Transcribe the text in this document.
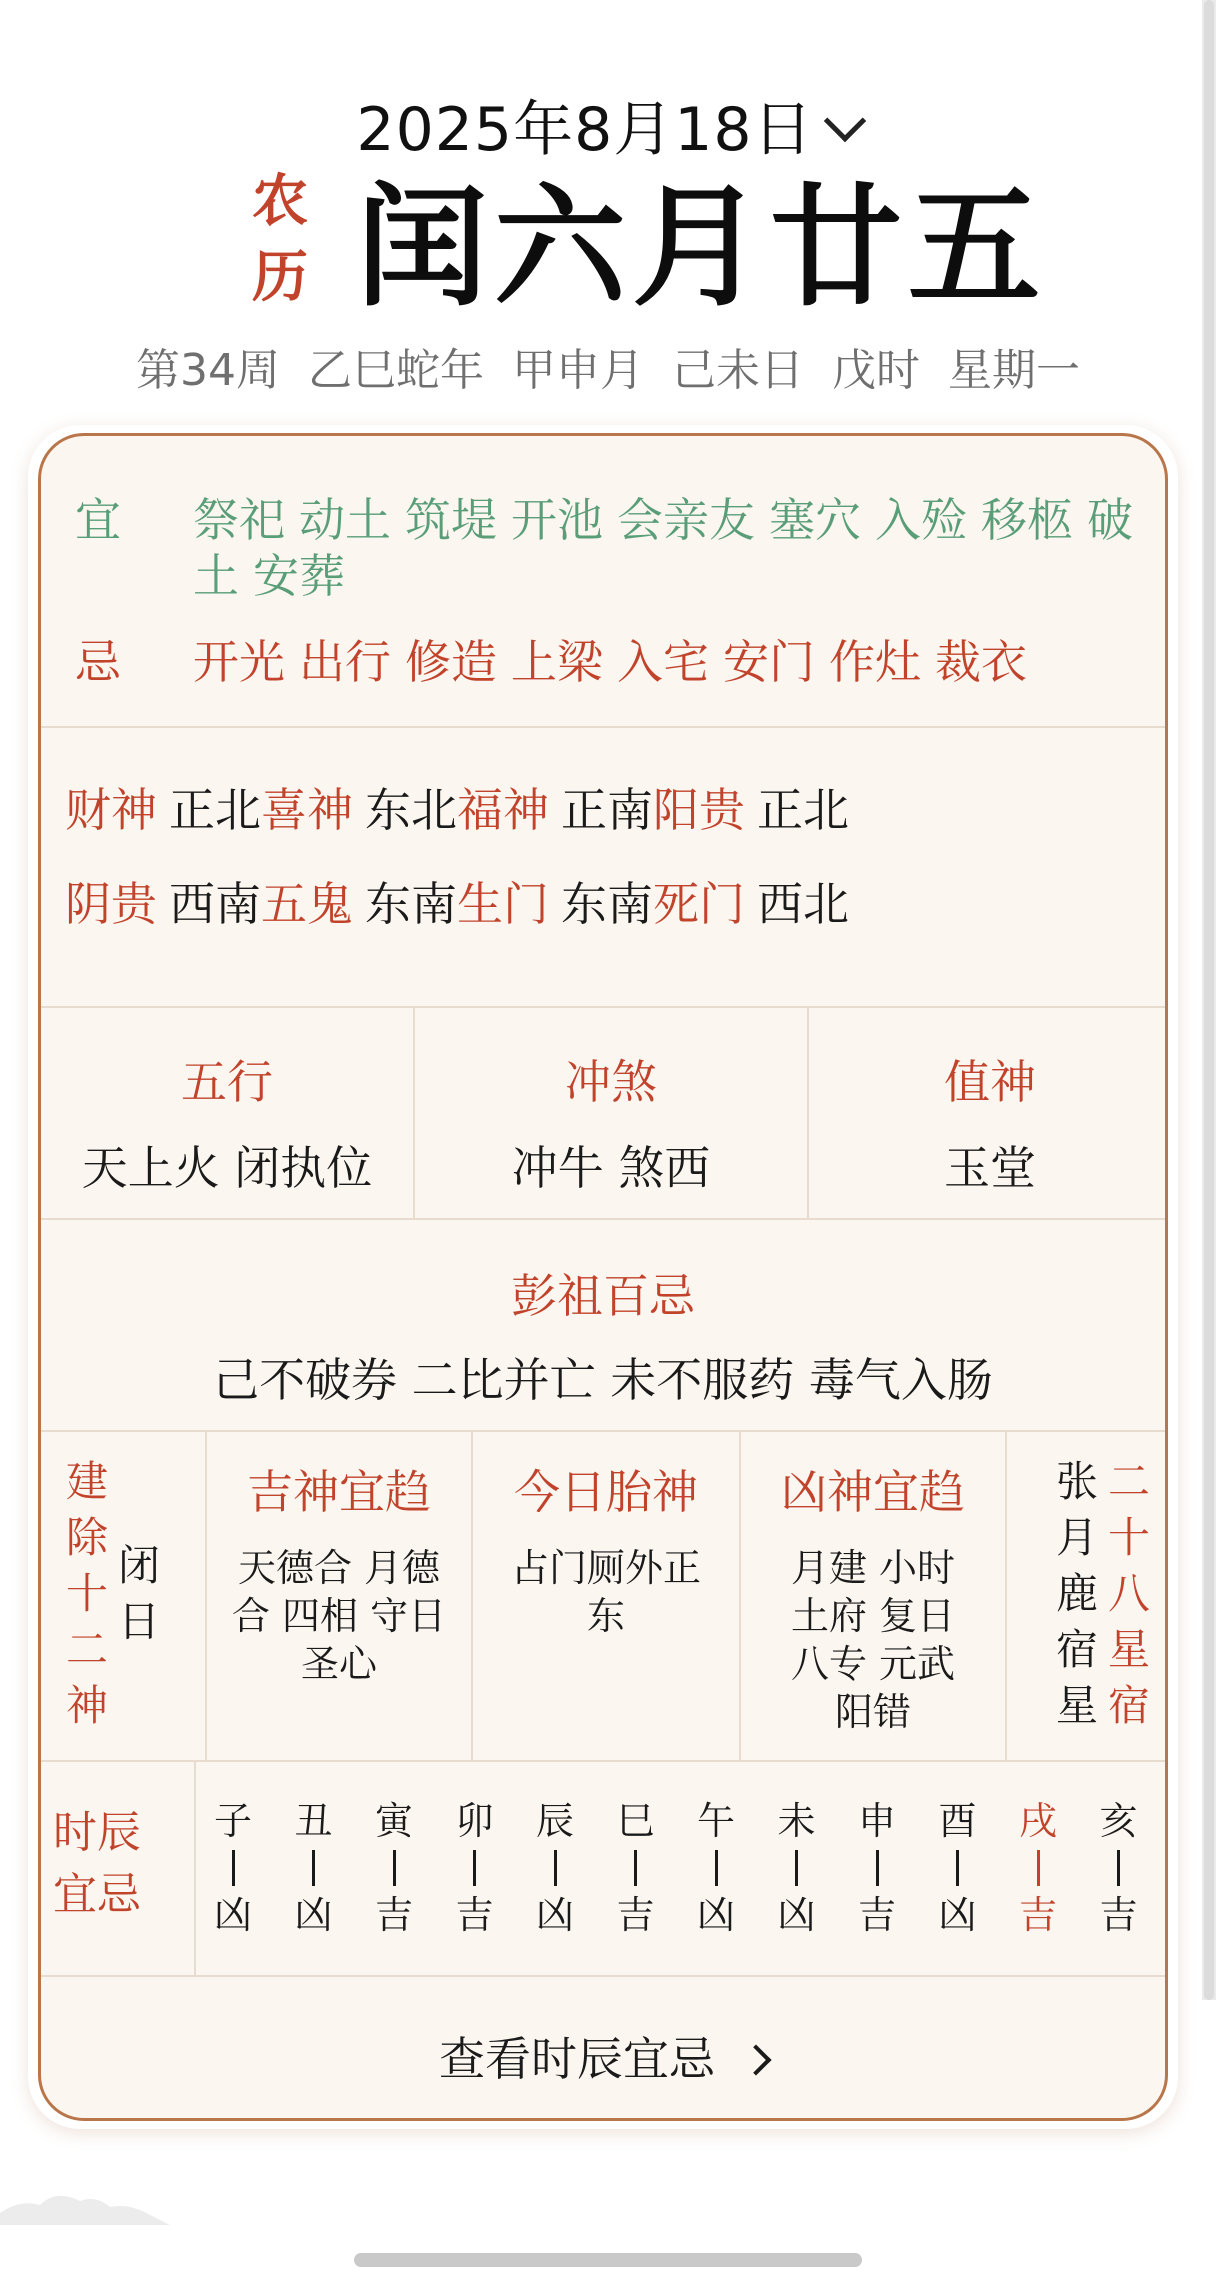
2025年8月18日
农
历 闰六月廿五
第34周 乙巳蛇年 甲申月 己未日 戊时 星期一
宜	祭祀 动土 筑堤 开池 会亲友 塞穴 入殓 移柩 破土 安葬
忌	开光 出行 修造 上梁 入宅 安门 作灶 裁衣
财神 正北 喜神 东北 福神 正南 阳贵 正北
阴贵 西南 五鬼 东南 生门 东南 死门 西北
五行
天上火 闭执位
冲煞
冲牛 煞西
值神
玉堂
彭祖百忌
己不破券 二比并亡 未不服药 毒气入肠
建
除
十
二
神
闭
日
吉神宜趋
天德合 月德合 四相 守日 圣心
今日胎神
占门厕外正东
凶神宜趋
月建 小时土府 复日八专 元武阳错
张
月
鹿
宿
星
二
十
八
星
宿
时辰
宜忌
子
凶
丑
凶
寅
吉
卯
吉
辰
凶
巳
吉
午
凶
未
凶
申
吉
酉
凶
戌
吉
亥
吉
查看时辰宜忌
